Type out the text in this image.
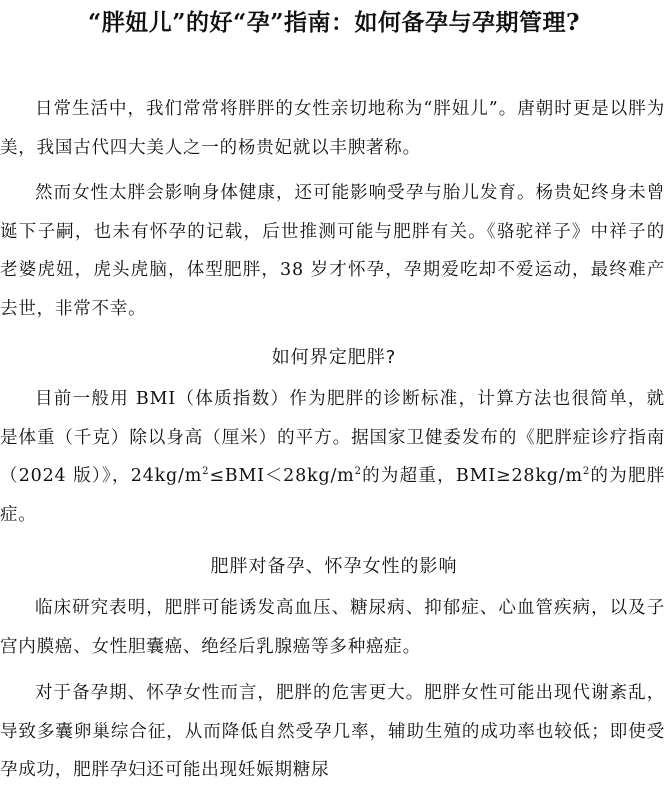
“胖妞儿”的好“孕”指南：如何备孕与孕期管理?

日常生活中，我们常常将胖胖的女性亲切地称为“胖妞儿”。唐朝时更是以胖为美，我国古代四大美人之一的杨贵妃就以丰腴著称。

然而女性太胖会影响身体健康，还可能影响受孕与胎儿发育。杨贵妃终身未曾诞下子嗣，也未有怀孕的记载，后世推测可能与肥胖有关。《骆驼祥子》中祥子的老婆虎妞，虎头虎脑，体型肥胖，38 岁才怀孕，孕期爱吃却不爱运动，最终难产去世，非常不幸。

如何界定肥胖?

目前一般用 BMI（体质指数）作为肥胖的诊断标准，计算方法也很简单，就是体重（千克）除以身高（厘米）的平方。据国家卫健委发布的《肥胖症诊疗指南（2024 版）》，$24kg/m^2\le BMI<28kg/m^2$的为超重，$BMI\ge 28kg/m^2$的为肥胖症。

肥胖对备孕、怀孕女性的影响

临床研究表明，肥胖可能诱发高血压、糖尿病、抑郁症、心血管疾病，以及子宫内膜癌、女性胆囊癌、绝经后乳腺癌等多种癌症。

对于备孕期、怀孕女性而言，肥胖的危害更大。肥胖女性可能出现代谢紊乱，导致多囊卵巢综合征，从而降低自然受孕几率，辅助生殖的成功率也较低；即使受孕成功，肥胖孕妇还可能出现妊娠期糖尿
